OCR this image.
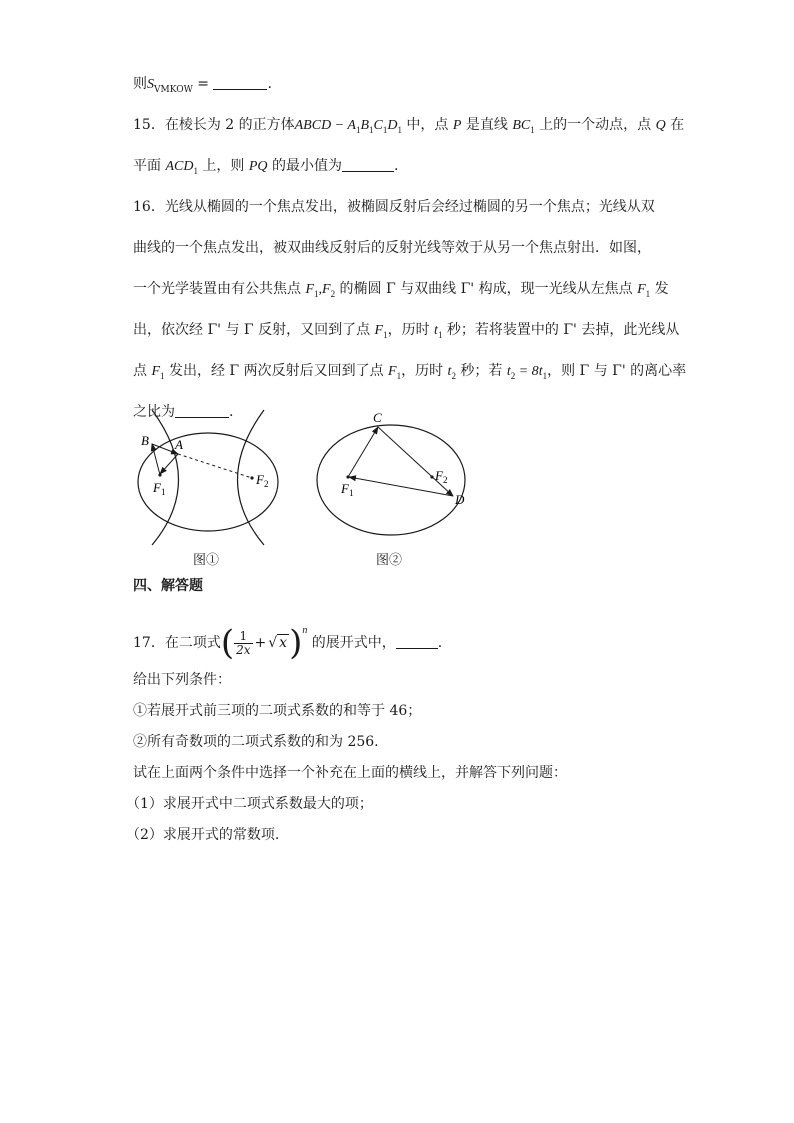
则$S_{VMKOW}$ =	.
15．在棱长为 2 的正方体ABCD − $A_1B_1C_1D_1$ 中，点 P 是直线 $BC_1$ 上的一个动点，点 Q 在
平面 $ACD_1$ 上，则 PQ 的最小值为	.
16．光线从椭圆的一个焦点发出，被椭圆反射后会经过椭圆的另一个焦点；光线从双
曲线的一个焦点发出，被双曲线反射后的反射光线等效于从另一个焦点射出．如图，
一个光学装置由有公共焦点 $F_1,F_2$ 的椭圆 Γ 与双曲线 Γ' 构成，现一光线从左焦点 $F_1$ 发
出，依次经 Γ' 与 Γ 反射，又回到了点 $F_1$，历时 $t_1$ 秒；若将装置中的 Γ' 去掉，此光线从
点 $F_1$ 发出，经 Γ 两次反射后又回到了点 $F_1$，历时 $t_2$ 秒；若 $t_2 = 8t_1$，则 Γ 与 Γ' 的离心率
之比为	.
B A
$F_1$
$F_2$
C
$F_1$
$F_2$
D
图①	图②
四、解答题
17．在二项式( $\frac{1}{2x}$ + √ x)$^n$ 的展开式中，	.
给出下列条件：
①若展开式前三项的二项式系数的和等于 46；
②所有奇数项的二项式系数的和为 256.
试在上面两个条件中选择一个补充在上面的横线上，并解答下列问题：
（1）求展开式中二项式系数最大的项；
（2）求展开式的常数项.
